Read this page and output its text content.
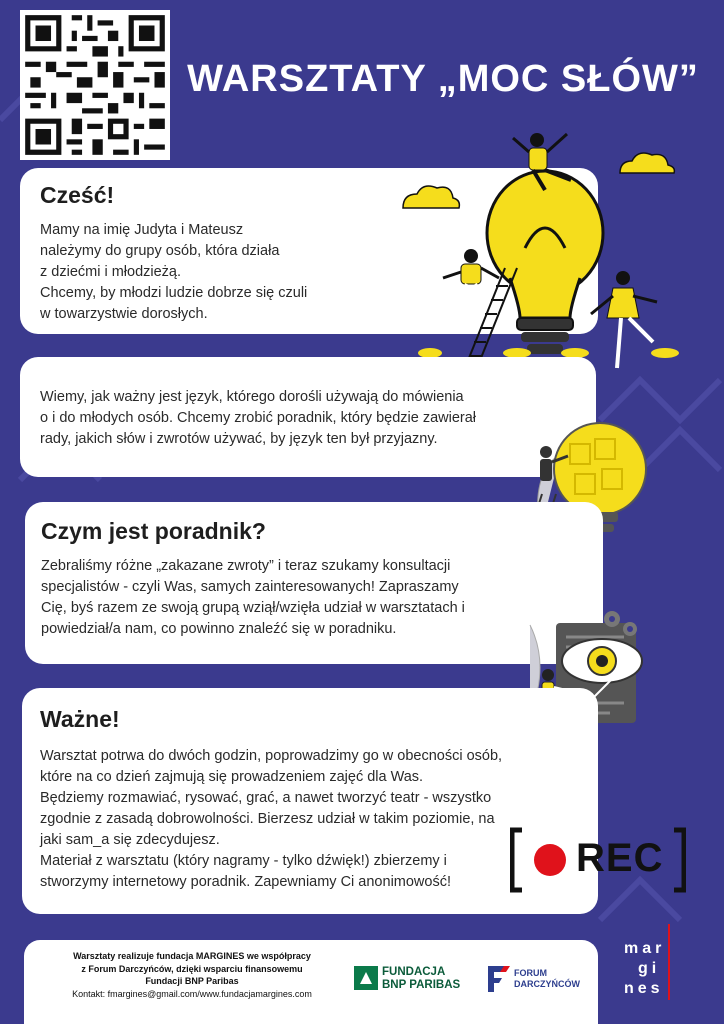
WARSZTATY „MOC SŁÓW”
Cześć!

Mamy na imię Judyta i Mateusz
należymy do grupy osób, która działa
z dziećmi i młodzieżą.
Chcemy, by młodzi ludzie dobrze się czuli
w towarzystwie dorosłych.

Wiemy, jak ważny jest język, którego dorośli używają do mówienia
o i do młodych osób. Chcemy zrobić poradnik, który będzie zawierał
rady, jakich słów i zwrotów używać, by język ten był przyjazny.

Czym jest poradnik?

Zebraliśmy różne „zakazane zwroty” i teraz szukamy konsultacji
specjalistów - czyli Was, samych zainteresowanych! Zapraszamy
Cię, byś razem ze swoją grupą wziął/wzięła udział w warsztatach i
powiedział/a nam, co powinno znaleźć się w poradniku.

Ważne!

Warsztat potrwa do dwóch godzin, poprowadzimy go w obecności osób,
które na co dzień zajmują się prowadzeniem zajęć dla Was.
Będziemy rozmawiać, rysować, grać, a nawet tworzyć teatr - wszystko
zgodnie z zasadą dobrowolności. Bierzesz udział w takim poziomie, na
jaki sam_a się zdecydujesz.
Materiał z warsztatu (który nagramy - tylko dźwięk!) zbierzemy i
stworzymy internetowy poradnik. Zapewniamy Ci anonimowość!

REC
Warsztaty realizuje fundacja MARGINES we współpracy
z Forum Darczyńców, dzięki wsparciu finansowemu
Fundacji BNP Paribas
Kontakt: fmargines@gmail.com/www.fundacjamargines.com
FUNDACJA
BNP PARIBAS
FORUM
DARCZYŃCÓW
mar
gi
nes
